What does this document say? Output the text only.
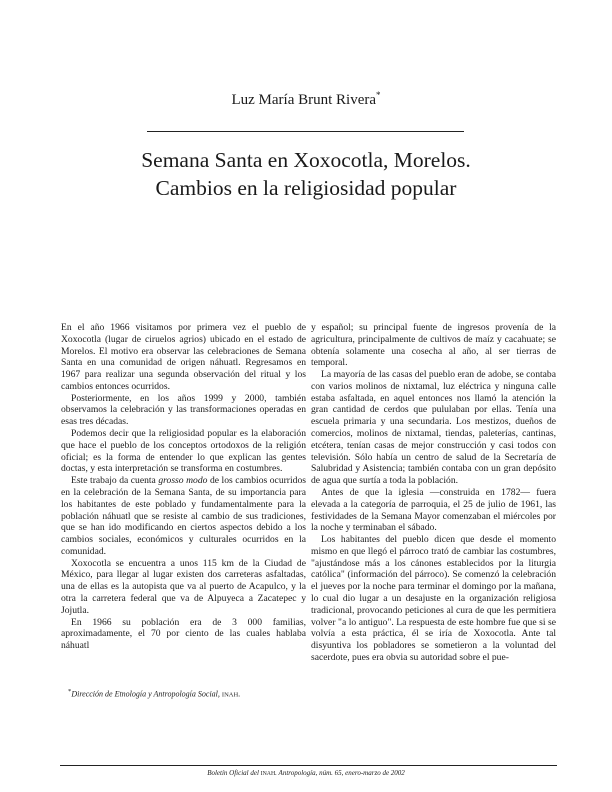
Luz María Brunt Rivera*
Semana Santa en Xoxocotla, Morelos.
Cambios en la religiosidad popular

En el año 1966 visitamos por primera vez el pueblo de Xoxocotla (lugar de ciruelos agrios) ubicado en el estado de Morelos. El motivo era observar las celebraciones de Semana Santa en una comunidad de origen náhuatl. Regresamos en 1967 para realizar una segunda observación del ritual y los cambios entonces ocurridos.

Posteriormente, en los años 1999 y 2000, también observamos la celebración y las transformaciones operadas en esas tres décadas.

Podemos decir que la religiosidad popular es la elaboración que hace el pueblo de los conceptos ortodoxos de la religión oficial; es la forma de entender lo que explican las gentes doctas, y esta interpretación se transforma en costumbres.

Este trabajo da cuenta grosso modo de los cambios ocurridos en la celebración de la Semana Santa, de su importancia para los habitantes de este poblado y fundamentalmente para la población náhuatl que se resiste al cambio de sus tradiciones, que se han ido modificando en ciertos aspectos debido a los cambios sociales, económicos y culturales ocurridos en la comunidad.

Xoxocotla se encuentra a unos 115 km de la Ciudad de México, para llegar al lugar existen dos carreteras asfaltadas, una de ellas es la autopista que va al puerto de Acapulco, y la otra la carretera federal que va de Alpuyeca a Zacatepec y Jojutla.

En 1966 su población era de 3 000 familias, aproximadamente, el 70 por ciento de las cuales hablaba náhuatl

y español; su principal fuente de ingresos provenía de la agricultura, principalmente de cultivos de maíz y cacahuate; se obtenía solamente una cosecha al año, al ser tierras de temporal.

La mayoría de las casas del pueblo eran de adobe, se contaba con varios molinos de nixtamal, luz eléctrica y ninguna calle estaba asfaltada, en aquel entonces nos llamó la atención la gran cantidad de cerdos que pululaban por ellas. Tenía una escuela primaria y una secundaria. Los mestizos, dueños de comercios, molinos de nixtamal, tiendas, paleterías, cantinas, etcétera, tenían casas de mejor construcción y casi todos con televisión. Sólo había un centro de salud de la Secretaría de Salubridad y Asistencia; también contaba con un gran depósito de agua que surtía a toda la población.

Antes de que la iglesia —construida en 1782— fuera elevada a la categoría de parroquia, el 25 de julio de 1961, las festividades de la Semana Mayor comenzaban el miércoles por la noche y terminaban el sábado.

Los habitantes del pueblo dicen que desde el momento mismo en que llegó el párroco trató de cambiar las costumbres, "ajustándose más a los cánones establecidos por la liturgia católica" (información del párroco). Se comenzó la celebración el jueves por la noche para terminar el domingo por la mañana, lo cual dio lugar a un desajuste en la organización religiosa tradicional, provocando peticiones al cura de que les permitiera volver "a lo antiguo". La respuesta de este hombre fue que si se volvía a esta práctica, él se iría de Xoxocotla. Ante tal disyuntiva los pobladores se sometieron a la voluntad del sacerdote, pues era obvia su autoridad sobre el pue-

*Dirección de Etnología y Antropología Social, INAH.
Boletín Oficial del INAH. Antropología, núm. 65, enero-marzo de 2002
